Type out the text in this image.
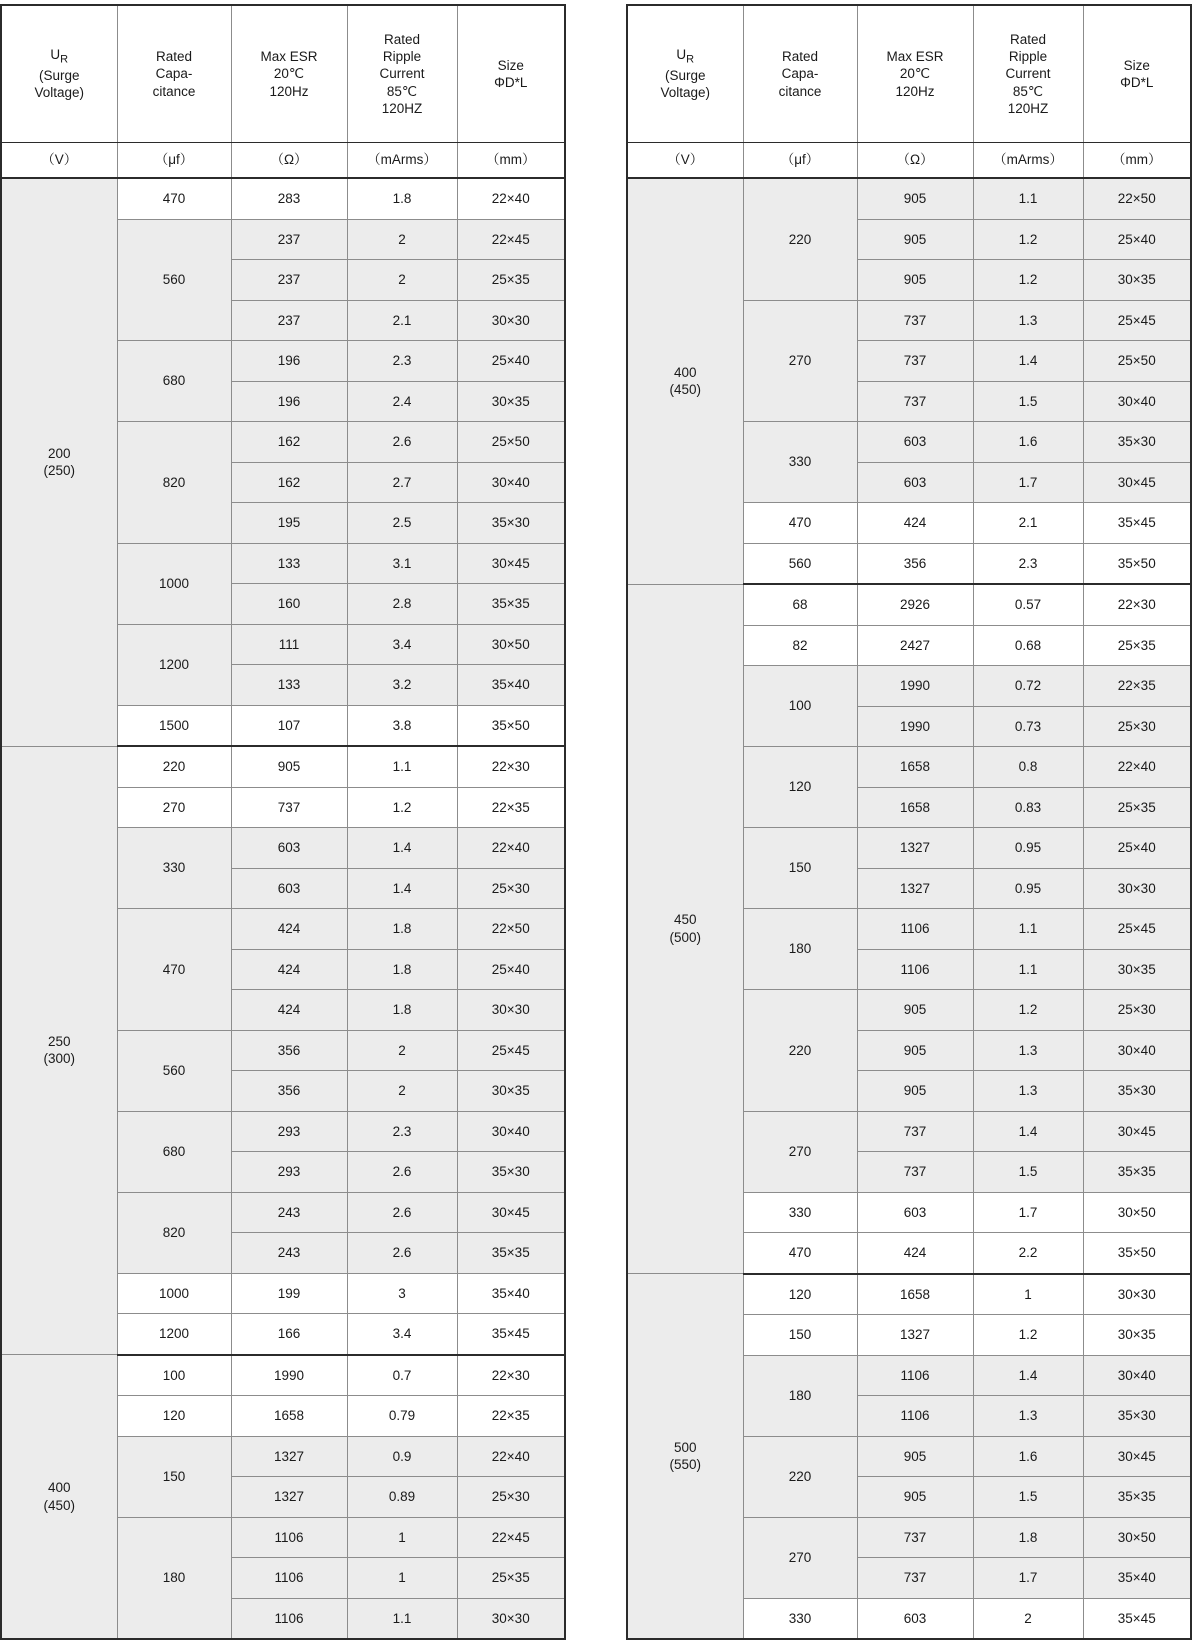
$U_R$
(Surge
Voltage)	Rated
Capa-
citance	Max ESR
20℃
120Hz	Rated
Ripple
Current
85℃
120HZ	Size
ΦD*L

（V）	（μf）	（Ω）	（mArms）	（mm）

200
(250)	470	283	1.8	22×40
	560	237	2	22×45
		237	2	25×35
		237	2.1	30×30
	680	196	2.3	25×40
		196	2.4	30×35
	820	162	2.6	25×50
		162	2.7	30×40
		195	2.5	35×30
	1000	133	3.1	30×45
		160	2.8	35×35
	1200	111	3.4	30×50
		133	3.2	35×40
	1500	107	3.8	35×50

250
(300)	220	905	1.1	22×30
	270	737	1.2	22×35
	330	603	1.4	22×40
		603	1.4	25×30
	470	424	1.8	22×50
		424	1.8	25×40
		424	1.8	30×30
	560	356	2	25×45
		356	2	30×35
	680	293	2.3	30×40
		293	2.6	35×30
	820	243	2.6	30×45
		243	2.6	35×35
	1000	199	3	35×40
	1200	166	3.4	35×45

400
(450)	100	1990	0.7	22×30
	120	1658	0.79	22×35
	150	1327	0.9	22×40
		1327	0.89	25×30
	180	1106	1	22×45
		1106	1	25×35
		1106	1.1	30×30
$U_R$
(Surge
Voltage)	Rated
Capa-
citance	Max ESR
20℃
120Hz	Rated
Ripple
Current
85℃
120HZ	Size
ΦD*L

（V）	（μf）	（Ω）	（mArms）	（mm）

400
(450)	220	905	1.1	22×50
		905	1.2	25×40
		905	1.2	30×35
	270	737	1.3	25×45
		737	1.4	25×50
		737	1.5	30×40
	330	603	1.6	35×30
		603	1.7	30×45
	470	424	2.1	35×45
	560	356	2.3	35×50

450
(500)	68	2926	0.57	22×30
	82	2427	0.68	25×35
	100	1990	0.72	22×35
		1990	0.73	25×30
	120	1658	0.8	22×40
		1658	0.83	25×35
	150	1327	0.95	25×40
		1327	0.95	30×30
	180	1106	1.1	25×45
		1106	1.1	30×35
	220	905	1.2	25×30
		905	1.3	30×40
		905	1.3	35×30
	270	737	1.4	30×45
		737	1.5	35×35
	330	603	1.7	30×50
	470	424	2.2	35×50

500
(550)	120	1658	1	30×30
	150	1327	1.2	30×35
	180	1106	1.4	30×40
		1106	1.3	35×30
	220	905	1.6	30×45
		905	1.5	35×35
	270	737	1.8	30×50
		737	1.7	35×40
	330	603	2	35×45
